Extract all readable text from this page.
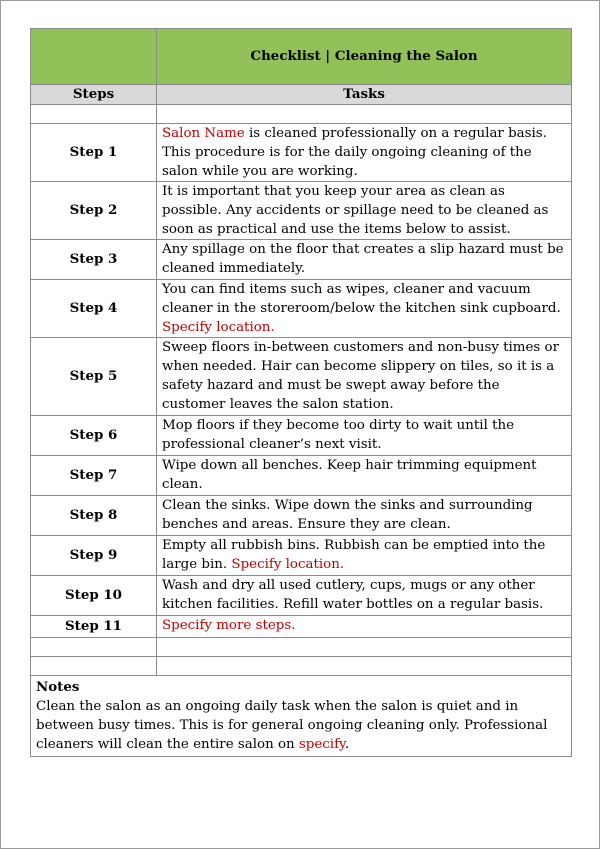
	Checklist | Cleaning the Salon
Steps	Tasks

Step 1	Salon Name is cleaned professionally on a regular basis. This procedure is for the daily ongoing cleaning of the salon while you are working.
Step 2	It is important that you keep your area as clean as possible. Any accidents or spillage need to be cleaned as soon as practical and use the items below to assist.
Step 3	Any spillage on the floor that creates a slip hazard must be cleaned immediately.
Step 4	You can find items such as wipes, cleaner and vacuum cleaner in the storeroom/below the kitchen sink cupboard. Specify location.
Step 5	Sweep floors in-between customers and non-busy times or when needed. Hair can become slippery on tiles, so it is a safety hazard and must be swept away before the customer leaves the salon station.
Step 6	Mop floors if they become too dirty to wait until the professional cleaner’s next visit.
Step 7	Wipe down all benches. Keep hair trimming equipment clean.
Step 8	Clean the sinks. Wipe down the sinks and surrounding benches and areas. Ensure they are clean.
Step 9	Empty all rubbish bins. Rubbish can be emptied into the large bin. Specify location.
Step 10	Wash and dry all used cutlery, cups, mugs or any other kitchen facilities. Refill water bottles on a regular basis.
Step 11	Specify more steps.

Notes
Clean the salon as an ongoing daily task when the salon is quiet and in between busy times. This is for general ongoing cleaning only. Professional cleaners will clean the entire salon on specify.	
